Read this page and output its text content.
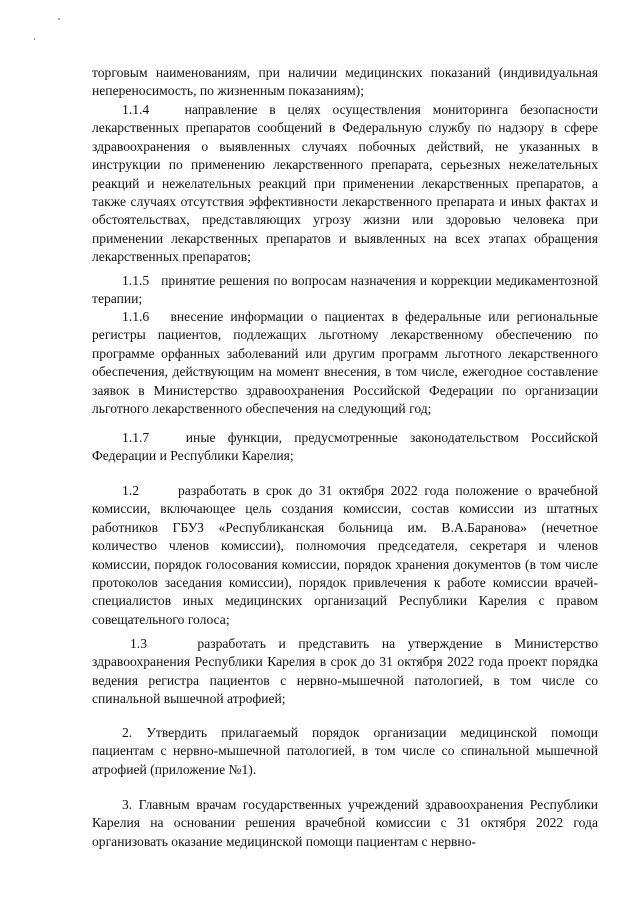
торговым наименованиям, при наличии медицинских показаний (индивидуальная непереносимость, по жизненным показаниям);

1.1.4	направление в целях осуществления мониторинга безопасности лекарственных препаратов сообщений в Федеральную службу по надзору в сфере здравоохранения о выявленных случаях побочных действий, не указанных в инструкции по применению лекарственного препарата, серьезных нежелательных реакций и нежелательных реакций при применении лекарственных препаратов, а также случаях отсутствия эффективности лекарственного препарата и иных фактах и обстоятельствах, представляющих угрозу жизни или здоровью человека при применении лекарственных препаратов и выявленных на всех этапах обращения лекарственных препаратов;

1.1.5 принятие решения по вопросам назначения и коррекции медикаментозной терапии;

1.1.6 внесение информации о пациентах в федеральные или региональные регистры пациентов, подлежащих льготному лекарственному обеспечению по программе орфанных заболеваний или другим программ льготного лекарственного обеспечения, действующим на момент внесения, в том числе, ежегодное составление заявок в Министерство здравоохранения Российской Федерации по организации льготного лекарственного обеспечения на следующий год;

1.1.7	иные функции, предусмотренные законодательством Российской Федерации и Республики Карелия;

1.2	разработать в срок до 31 октября 2022 года положение о врачебной комиссии, включающее цель создания комиссии, состав комиссии из штатных работников ГБУЗ «Республиканская больница им. В.А.Баранова» (нечетное количество членов комиссии), полномочия председателя, секретаря и членов комиссии, порядок голосования комиссии, порядок хранения документов (в том числе протоколов заседания комиссии), порядок привлечения к работе комиссии врачей-специалистов иных медицинских организаций Республики Карелия с правом совещательного голоса;

1.3	разработать и представить на утверждение в Министерство здравоохранения Республики Карелия в срок до 31 октября 2022 года проект порядка ведения регистра пациентов с нервно-мышечной патологией, в том числе со спинальной вышечной атрофией;

2. Утвердить прилагаемый порядок организации медицинской помощи пациентам с нервно-мышечной патологией, в том числе со спинальной мышечной атрофией (приложение №1).

3. Главным врачам государственных учреждений здравоохранения Республики Карелия на основании решения врачебной комиссии с 31 октября 2022 года организовать оказание медицинской помощи пациентам с нервно-
